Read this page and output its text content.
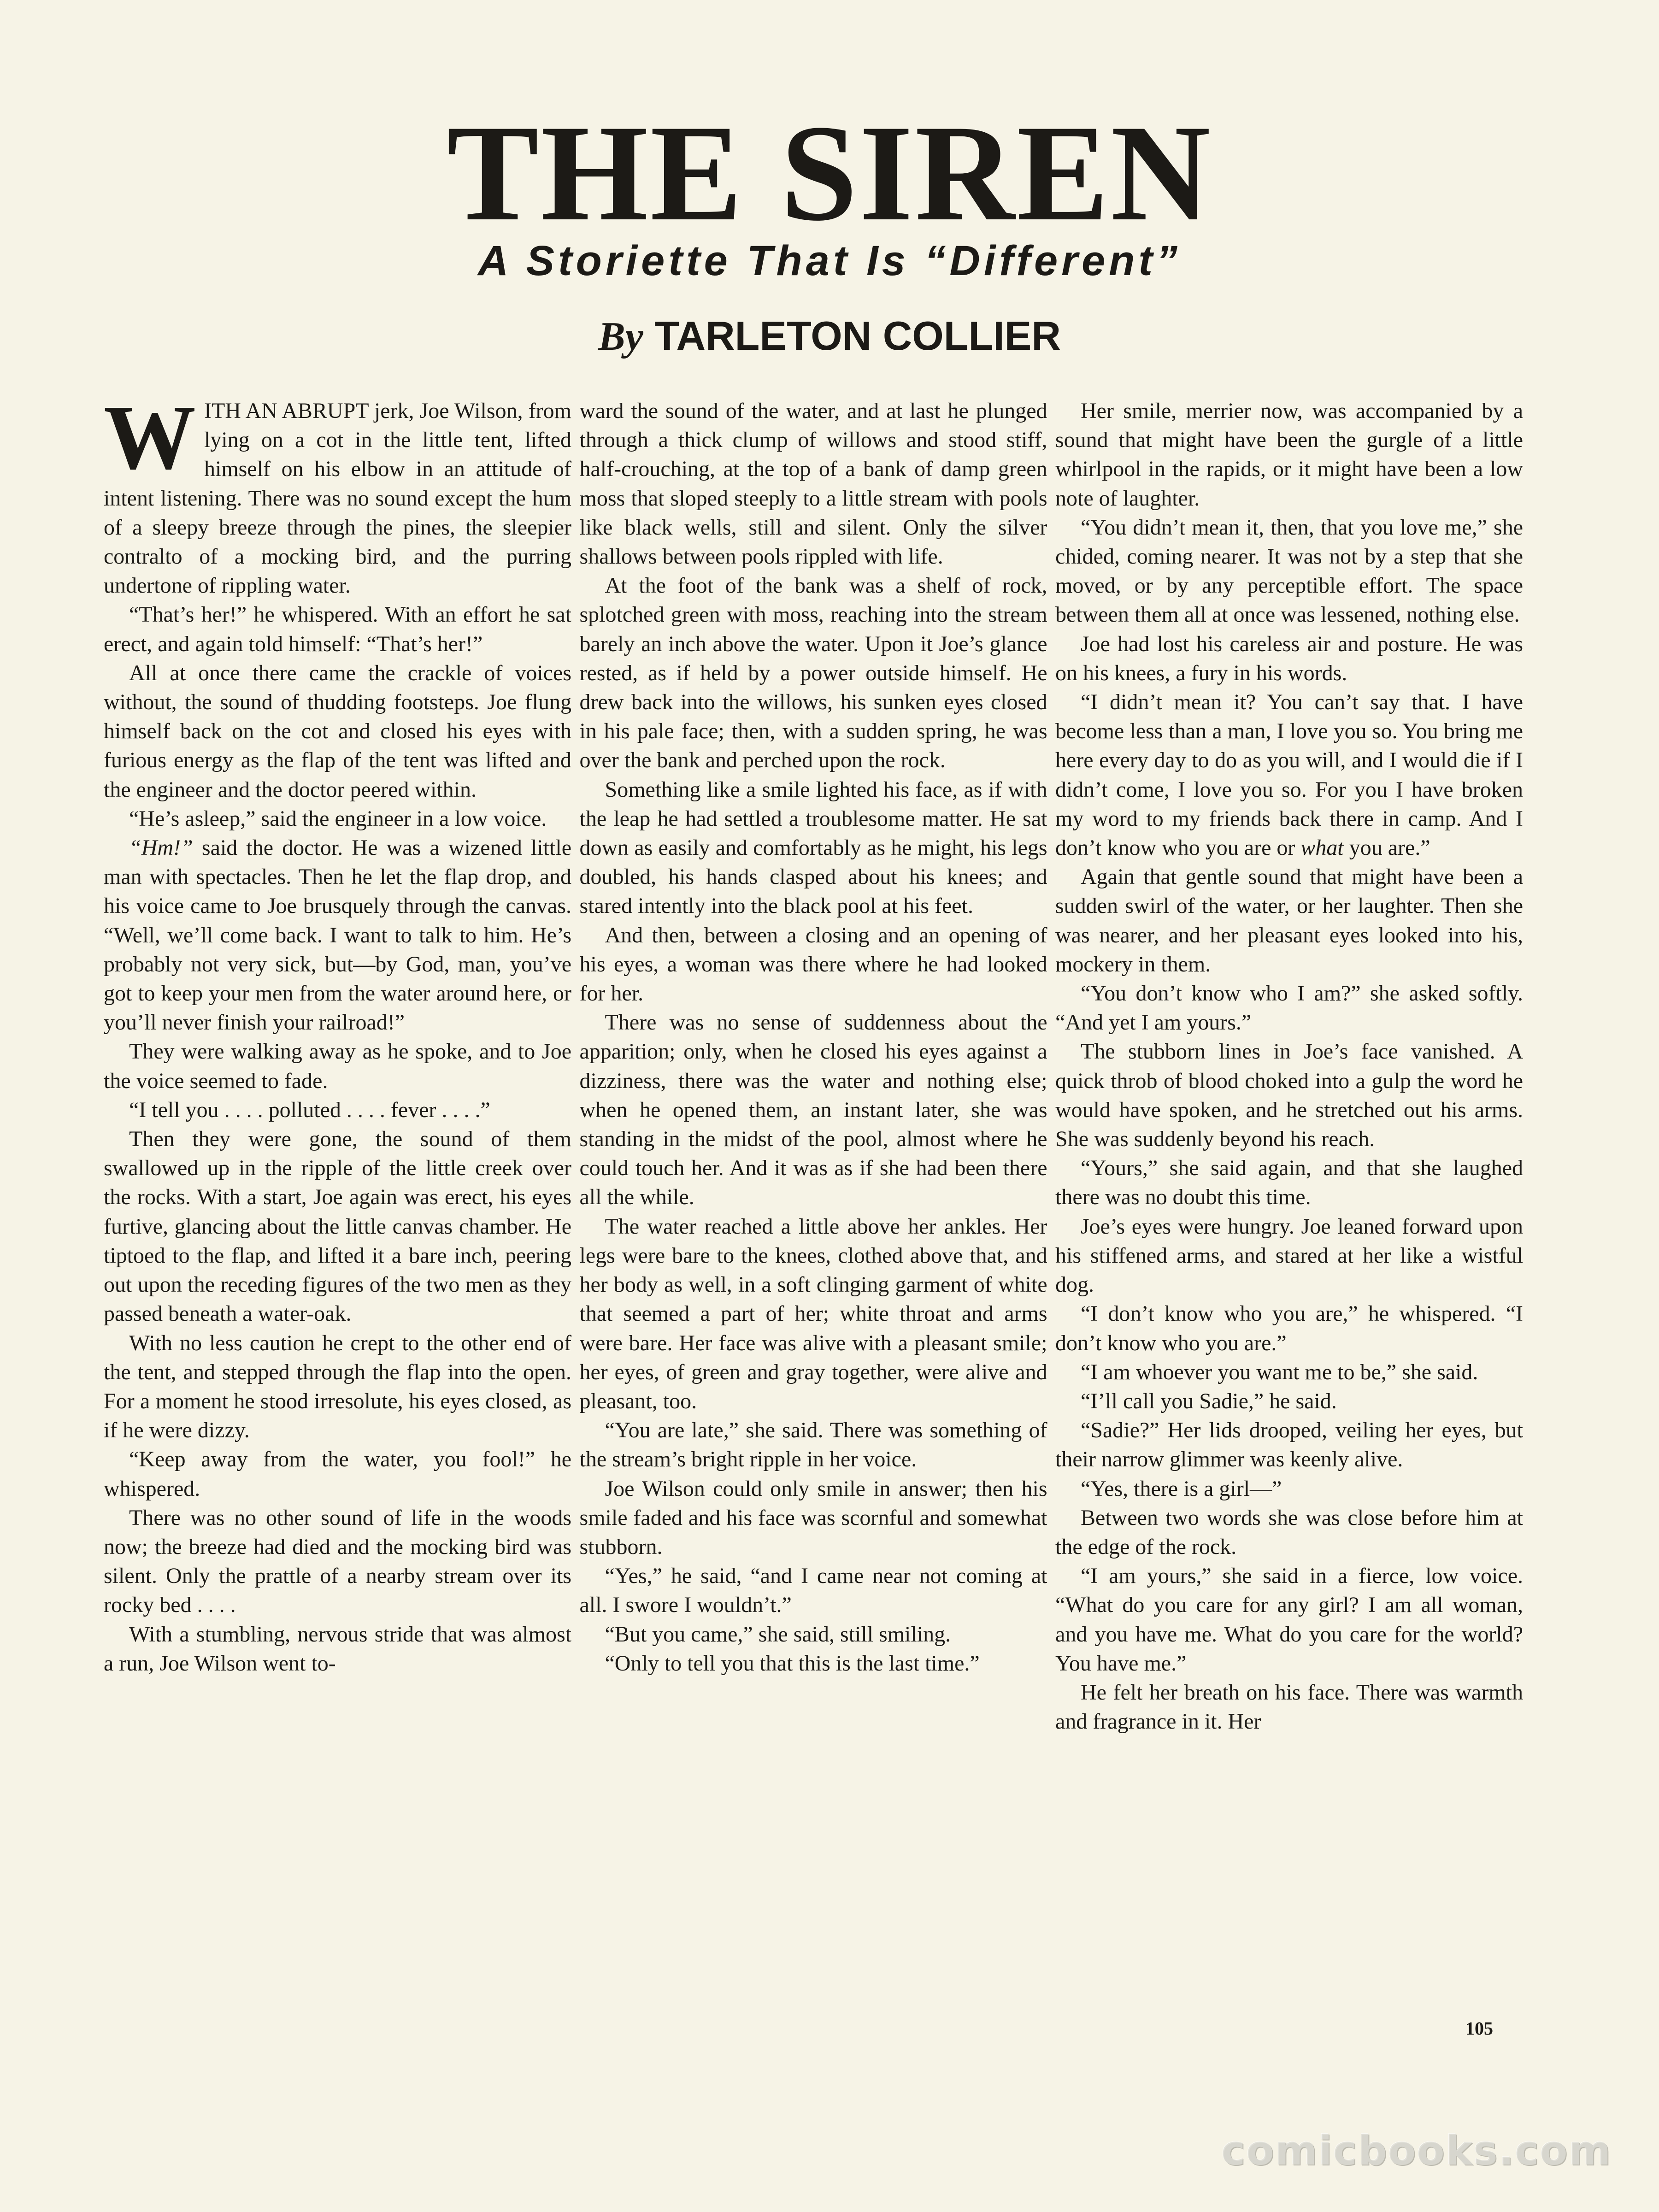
THE SIREN
A Storiette That Is “Different”
By TARLETON COLLIER

WITH AN ABRUPT jerk, Joe Wilson, from lying on a cot in the little tent, lifted himself on his elbow in an attitude of intent listening. There was no sound except the hum of a sleepy breeze through the pines, the sleepier contralto of a mocking bird, and the purring undertone of rippling water.

“That’s her!” he whispered. With an effort he sat erect, and again told himself: “That’s her!”

All at once there came the crackle of voices without, the sound of thudding footsteps. Joe flung himself back on the cot and closed his eyes with furious energy as the flap of the tent was lifted and the engineer and the doctor peered within.

“He’s asleep,” said the engineer in a low voice.

“Hm!” said the doctor. He was a wizened little man with spectacles. Then he let the flap drop, and his voice came to Joe brusquely through the canvas. “Well, we’ll come back. I want to talk to him. He’s probably not very sick, but—by God, man, you’ve got to keep your men from the water around here, or you’ll never finish your railroad!”

They were walking away as he spoke, and to Joe the voice seemed to fade.

“I tell you . . . . polluted . . . . fever . . . .”

Then they were gone, the sound of them swallowed up in the ripple of the little creek over the rocks. With a start, Joe again was erect, his eyes furtive, glancing about the little canvas chamber. He tiptoed to the flap, and lifted it a bare inch, peering out upon the receding figures of the two men as they passed beneath a water-oak.

With no less caution he crept to the other end of the tent, and stepped through the flap into the open. For a moment he stood irresolute, his eyes closed, as if he were dizzy.

“Keep away from the water, you fool!” he whispered.

There was no other sound of life in the woods now; the breeze had died and the mocking bird was silent. Only the prattle of a nearby stream over its rocky bed . . . .

With a stumbling, nervous stride that was almost a run, Joe Wilson went to-

ward the sound of the water, and at last he plunged through a thick clump of willows and stood stiff, half-crouching, at the top of a bank of damp green moss that sloped steeply to a little stream with pools like black wells, still and silent. Only the silver shallows between pools rippled with life.

At the foot of the bank was a shelf of rock, splotched green with moss, reaching into the stream barely an inch above the water. Upon it Joe’s glance rested, as if held by a power outside himself. He drew back into the willows, his sunken eyes closed in his pale face; then, with a sudden spring, he was over the bank and perched upon the rock.

Something like a smile lighted his face, as if with the leap he had settled a troublesome matter. He sat down as easily and comfortably as he might, his legs doubled, his hands clasped about his knees; and stared intently into the black pool at his feet.

And then, between a closing and an opening of his eyes, a woman was there where he had looked for her.

There was no sense of suddenness about the apparition; only, when he closed his eyes against a dizziness, there was the water and nothing else; when he opened them, an instant later, she was standing in the midst of the pool, almost where he could touch her. And it was as if she had been there all the while.

The water reached a little above her ankles. Her legs were bare to the knees, clothed above that, and her body as well, in a soft clinging garment of white that seemed a part of her; white throat and arms were bare. Her face was alive with a pleasant smile; her eyes, of green and gray together, were alive and pleasant, too.

“You are late,” she said. There was something of the stream’s bright ripple in her voice.

Joe Wilson could only smile in answer; then his smile faded and his face was scornful and somewhat stubborn.

“Yes,” he said, “and I came near not coming at all. I swore I wouldn’t.”

“But you came,” she said, still smiling.

“Only to tell you that this is the last time.”

Her smile, merrier now, was accompanied by a sound that might have been the gurgle of a little whirlpool in the rapids, or it might have been a low note of laughter.

“You didn’t mean it, then, that you love me,” she chided, coming nearer. It was not by a step that she moved, or by any perceptible effort. The space between them all at once was lessened, nothing else.

Joe had lost his careless air and posture. He was on his knees, a fury in his words.

“I didn’t mean it? You can’t say that. I have become less than a man, I love you so. You bring me here every day to do as you will, and I would die if I didn’t come, I love you so. For you I have broken my word to my friends back there in camp. And I don’t know who you are or what you are.”

Again that gentle sound that might have been a sudden swirl of the water, or her laughter. Then she was nearer, and her pleasant eyes looked into his, mockery in them.

“You don’t know who I am?” she asked softly. “And yet I am yours.”

The stubborn lines in Joe’s face vanished. A quick throb of blood choked into a gulp the word he would have spoken, and he stretched out his arms. She was suddenly beyond his reach.

“Yours,” she said again, and that she laughed there was no doubt this time.

Joe’s eyes were hungry. Joe leaned forward upon his stiffened arms, and stared at her like a wistful dog.

“I don’t know who you are,” he whispered. “I don’t know who you are.”

“I am whoever you want me to be,” she said.

“I’ll call you Sadie,” he said.

“Sadie?” Her lids drooped, veiling her eyes, but their narrow glimmer was keenly alive.

“Yes, there is a girl—”

Between two words she was close before him at the edge of the rock.

“I am yours,” she said in a fierce, low voice. “What do you care for any girl? I am all woman, and you have me. What do you care for the world? You have me.”

He felt her breath on his face. There was warmth and fragrance in it. Her

105
comicbooks.com
